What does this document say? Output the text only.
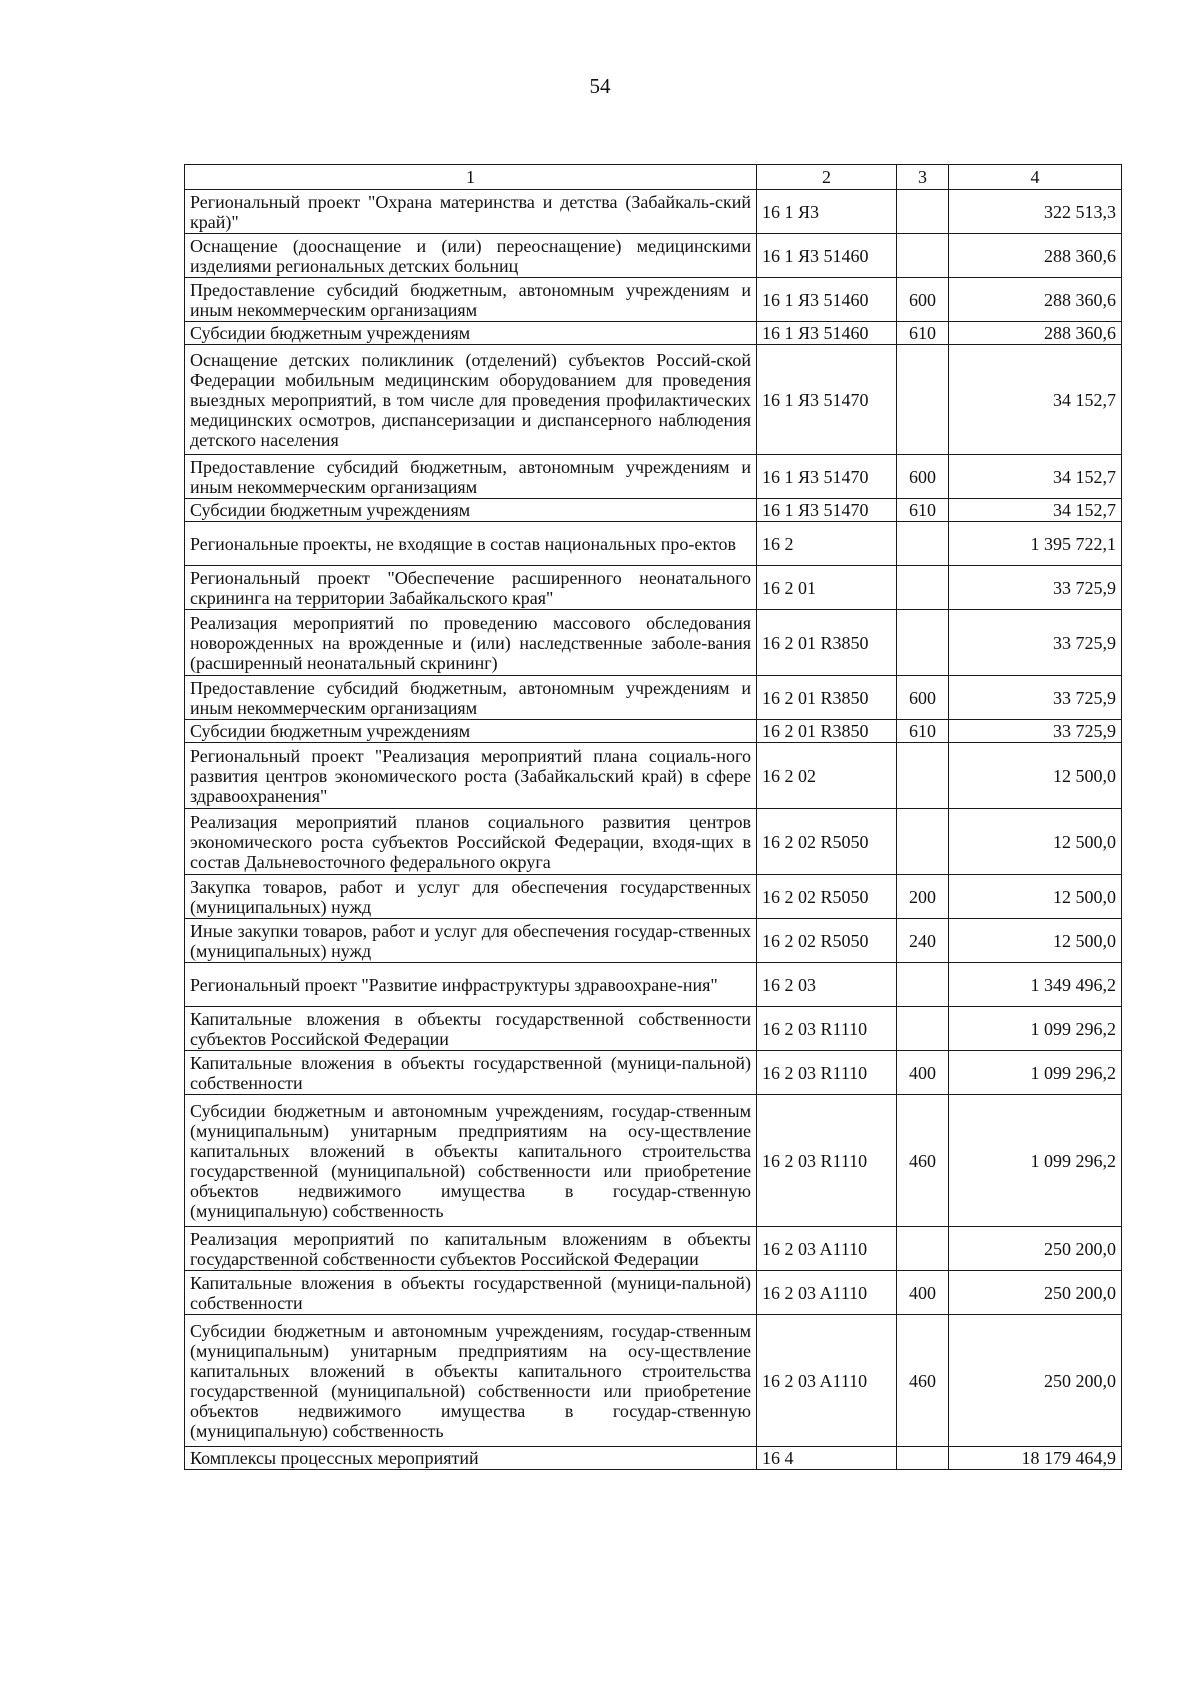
54
1	2	3	4
Региональный проект "Охрана материнства и детства (Забайкаль-ский край)"	16 1 Я3		322 513,3
Оснащение (дооснащение и (или) переоснащение) медицинскими изделиями региональных детских больниц	16 1 Я3 51460		288 360,6
Предоставление субсидий бюджетным, автономным учреждениям и иным некоммерческим организациям	16 1 Я3 51460	600	288 360,6
Субсидии бюджетным учреждениям	16 1 Я3 51460	610	288 360,6
Оснащение детских поликлиник (отделений) субъектов Россий-ской Федерации мобильным медицинским оборудованием для проведения выездных мероприятий, в том числе для проведения профилактических медицинских осмотров, диспансеризации и диспансерного наблюдения детского населения	16 1 Я3 51470		34 152,7
Предоставление субсидий бюджетным, автономным учреждениям и иным некоммерческим организациям	16 1 Я3 51470	600	34 152,7
Субсидии бюджетным учреждениям	16 1 Я3 51470	610	34 152,7
Региональные проекты, не входящие в состав национальных про-ектов	16 2		1 395 722,1
Региональный проект "Обеспечение расширенного неонатального скрининга на территории Забайкальского края"	16 2 01		33 725,9
Реализация мероприятий по проведению массового обследования новорожденных на врожденные и (или) наследственные заболе-вания (расширенный неонатальный скрининг)	16 2 01 R3850		33 725,9
Предоставление субсидий бюджетным, автономным учреждениям и иным некоммерческим организациям	16 2 01 R3850	600	33 725,9
Субсидии бюджетным учреждениям	16 2 01 R3850	610	33 725,9
Региональный проект "Реализация мероприятий плана социаль-ного развития центров экономического роста (Забайкальский край) в сфере здравоохранения"	16 2 02		12 500,0
Реализация мероприятий планов социального развития центров экономического роста субъектов Российской Федерации, входя-щих в состав Дальневосточного федерального округа	16 2 02 R5050		12 500,0
Закупка товаров, работ и услуг для обеспечения государственных (муниципальных) нужд	16 2 02 R5050	200	12 500,0
Иные закупки товаров, работ и услуг для обеспечения государ-ственных (муниципальных) нужд	16 2 02 R5050	240	12 500,0
Региональный проект "Развитие инфраструктуры здравоохране-ния"	16 2 03		1 349 496,2
Капитальные вложения в объекты государственной собственности субъектов Российской Федерации	16 2 03 R1110		1 099 296,2
Капитальные вложения в объекты государственной (муници-пальной) собственности	16 2 03 R1110	400	1 099 296,2
Субсидии бюджетным и автономным учреждениям, государ-ственным (муниципальным) унитарным предприятиям на осу-ществление капитальных вложений в объекты капитального строительства государственной (муниципальной) собственности или приобретение объектов недвижимого имущества в государ-ственную (муниципальную) собственность	16 2 03 R1110	460	1 099 296,2
Реализация мероприятий по капитальным вложениям в объекты государственной собственности субъектов Российской Федерации	16 2 03 A1110		250 200,0
Капитальные вложения в объекты государственной (муници-пальной) собственности	16 2 03 A1110	400	250 200,0
Субсидии бюджетным и автономным учреждениям, государ-ственным (муниципальным) унитарным предприятиям на осу-ществление капитальных вложений в объекты капитального строительства государственной (муниципальной) собственности или приобретение объектов недвижимого имущества в государ-ственную (муниципальную) собственность	16 2 03 A1110	460	250 200,0
Комплексы процессных мероприятий	16 4		18 179 464,9
